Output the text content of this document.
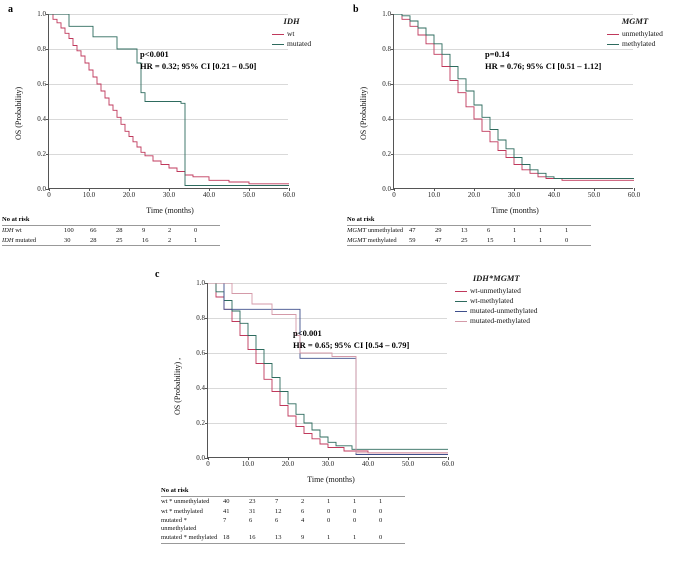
a
OS (Probability)
1.0
0.8
0.6
0.4
0.2
0.0
0	10.0	20.0	30.0	40.0	50.0	60.0
Time (months)
IDH
wt
mutated
p<0.001
HR = 0.32; 95% CI [0.21 – 0.50]
No at risk
IDH wt	100	66	28	9	2	0
IDH mutated	30	28	25	16	2	1
b
OS (Probability)
1.0
0.8
0.6
0.4
0.2
0.0
0	10.0	20.0	30.0	40.0	50.0	60.0
Time (months)
MGMT
unmethylated
methylated
p=0.14
HR = 0.76; 95% CI [0.51 – 1.12]
No at risk
MGMT unmethylated	47	29	13	6	1	1	1
MGMT methylated	59	47	25	15	1	1	0
c
OS (Probability) ,
1.0
0.8
0.6
0.4
0.2
0.0
0	10.0	20.0	30.0	40.0	50.0	60.0
Time (months)
IDH*MGMT
wt-unmethylated
wt-methylated
mutated-unmethylated
mutated-methylated
p<0.001
HR = 0.65; 95% CI [0.54 – 0.79]
No at risk
wt * unmethylated	40	23	7	2	1	1	1
wt * methylated	41	31	12	6	0	0	0
mutated * unmethylated	7	6	6	4	0	0	0
mutated * methylated	18	16	13	9	1	1	0
